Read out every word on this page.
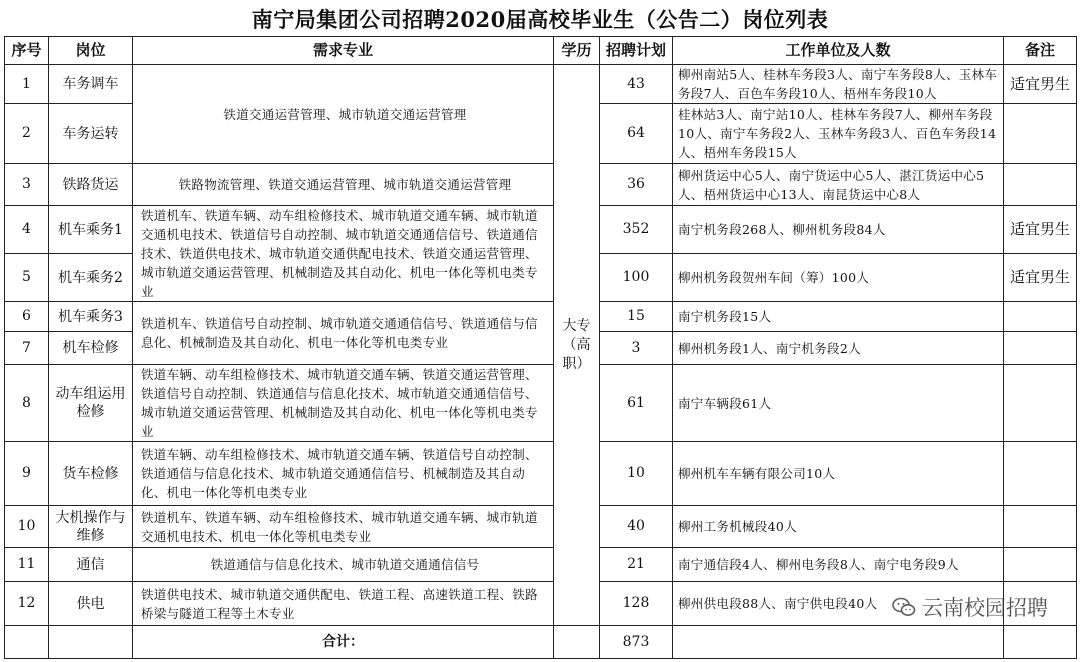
南宁局集团公司招聘2020届高校毕业生（公告二）岗位列表
序号	岗位	需求专业	学历	招聘计划	工作单位及人数	备注
1	车务调车	铁道交通运营管理、城市轨道交通运营管理	大专（高职）	43	柳州南站5人、桂林车务段3人、南宁车务段8人、玉林车务段7人、百色车务段10人、梧州车务段10人	适宜男生
2	车务运转			64	桂林站3人、南宁站10人、桂林车务段7人、柳州车务段10人、南宁车务段2人、玉林车务段3人、百色车务段14人、梧州车务段15人	
3	铁路货运	铁路物流管理、铁道交通运营管理、城市轨道交通运营管理		36	柳州货运中心5人、南宁货运中心5人、湛江货运中心5人、梧州货运中心13人、南昆货运中心8人	
4	机车乘务1	铁道机车、铁道车辆、动车组检修技术、城市轨道交通车辆、城市轨道交通机电技术、铁道信号自动控制、城市轨道交通通信信号、铁道通信技术、铁道供电技术、城市轨道交通供配电技术、铁道交通运营管理、城市轨道交通运营管理、机械制造及其自动化、机电一体化等机电类专业		352	南宁机务段268人、柳州机务段84人	适宜男生
5	机车乘务2			100	柳州机务段贺州车间（筹）100人	适宜男生
6	机车乘务3	铁道机车、铁道信号自动控制、城市轨道交通通信信号、铁道通信与信息化、机械制造及其自动化、机电一体化等机电类专业		15	南宁机务段15人	
7	机车检修			3	柳州机务段1人、南宁机务段2人	
8	动车组运用检修	铁道车辆、动车组检修技术、城市轨道交通车辆、铁道交通运营管理、铁道信号自动控制、铁道通信与信息化技术、城市轨道交通通信信号、城市轨道交通运营管理、机械制造及其自动化、机电一体化等机电类专业		61	南宁车辆段61人	
9	货车检修	铁道车辆、动车组检修技术、城市轨道交通车辆、铁道信号自动控制、铁道通信与信息化技术、城市轨道交通通信信号、机械制造及其自动化、机电一体化等机电类专业		10	柳州机车车辆有限公司10人	
10	大机操作与维修	铁道机车、铁道车辆、动车组检修技术、城市轨道交通车辆、城市轨道交通机电技术、机电一体化等机电类专业		40	柳州工务机械段40人	
11	通信	铁道通信与信息化技术、城市轨道交通通信信号		21	南宁通信段4人、柳州电务段8人、南宁电务段9人	
12	供电	铁道供电技术、城市轨道交通供配电、铁道工程、高速铁道工程、铁路桥梁与隧道工程等土木专业		128	柳州供电段88人、南宁供电段40人	
		合计：		873		
云南校园招聘
